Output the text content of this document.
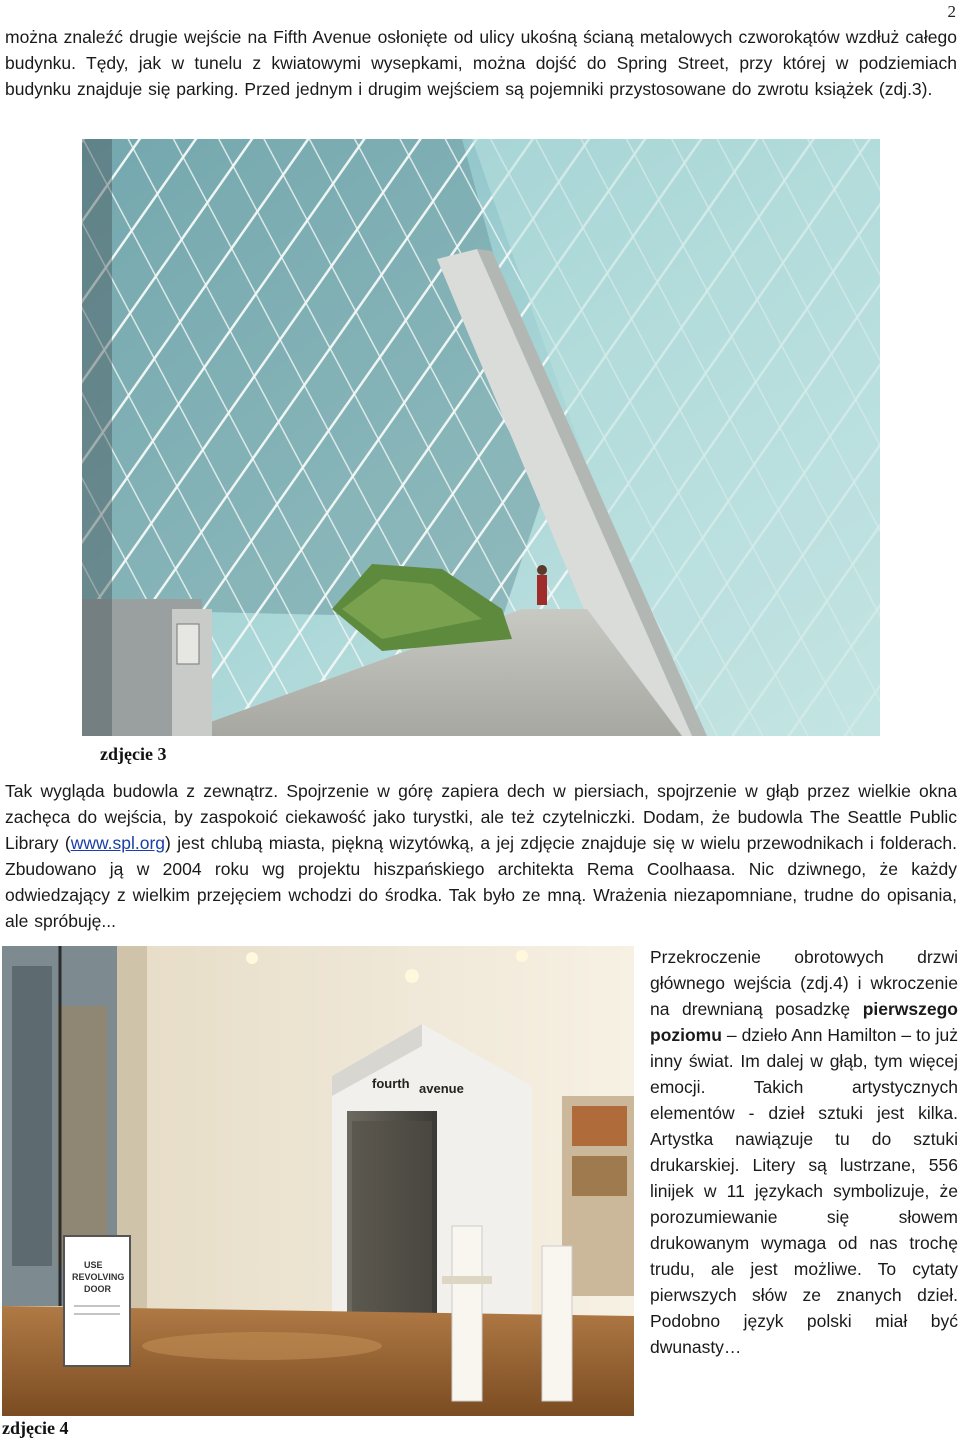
2

można znaleźć drugie wejście na Fifth Avenue osłonięte od ulicy ukośną ścianą metalowych czworokątów wzdłuż całego budynku. Tędy, jak w tunelu z kwiatowymi wysepkami, można dojść do Spring Street, przy której w podziemiach budynku znajduje się parking. Przed jednym i drugim wejściem są pojemniki przystosowane do zwrotu książek (zdj.3).

zdjęcie 3

Tak wygląda budowla z zewnątrz. Spojrzenie w górę zapiera dech w piersiach, spojrzenie w głąb przez wielkie okna zachęca do wejścia, by zaspokoić ciekawość jako turystki, ale też czytelniczki. Dodam, że budowla The Seattle Public Library (www.spl.org) jest chlubą miasta, piękną wizytówką, a jej zdjęcie znajduje się w wielu przewodnikach i folderach. Zbudowano ją w 2004 roku wg projektu hiszpańskiego architekta Rema Coolhaasa. Nic dziwnego, że każdy odwiedzający z wielkim przejęciem wchodzi do środka. Tak było ze mną. Wrażenia niezapomniane, trudne do opisania, ale spróbuję...

fourth avenue
USE
REVOLVING
DOOR
zdjęcie 4

Przekroczenie obrotowych drzwi głównego wejścia (zdj.4) i wkroczenie na drewnianą posadzkę pierwszego poziomu – dzieło Ann Hamilton – to już inny świat. Im dalej w głąb, tym więcej emocji. Takich artystycznych elementów - dzieł sztuki jest kilka. Artystka nawiązuje tu do sztuki drukarskiej. Litery są lustrzane, 556 linijek w 11 językach symbolizuje, że porozumiewanie się słowem drukowanym wymaga od nas trochę trudu, ale jest możliwe. To cytaty pierwszych słów ze znanych dzieł. Podobno język polski miał być dwunasty…
